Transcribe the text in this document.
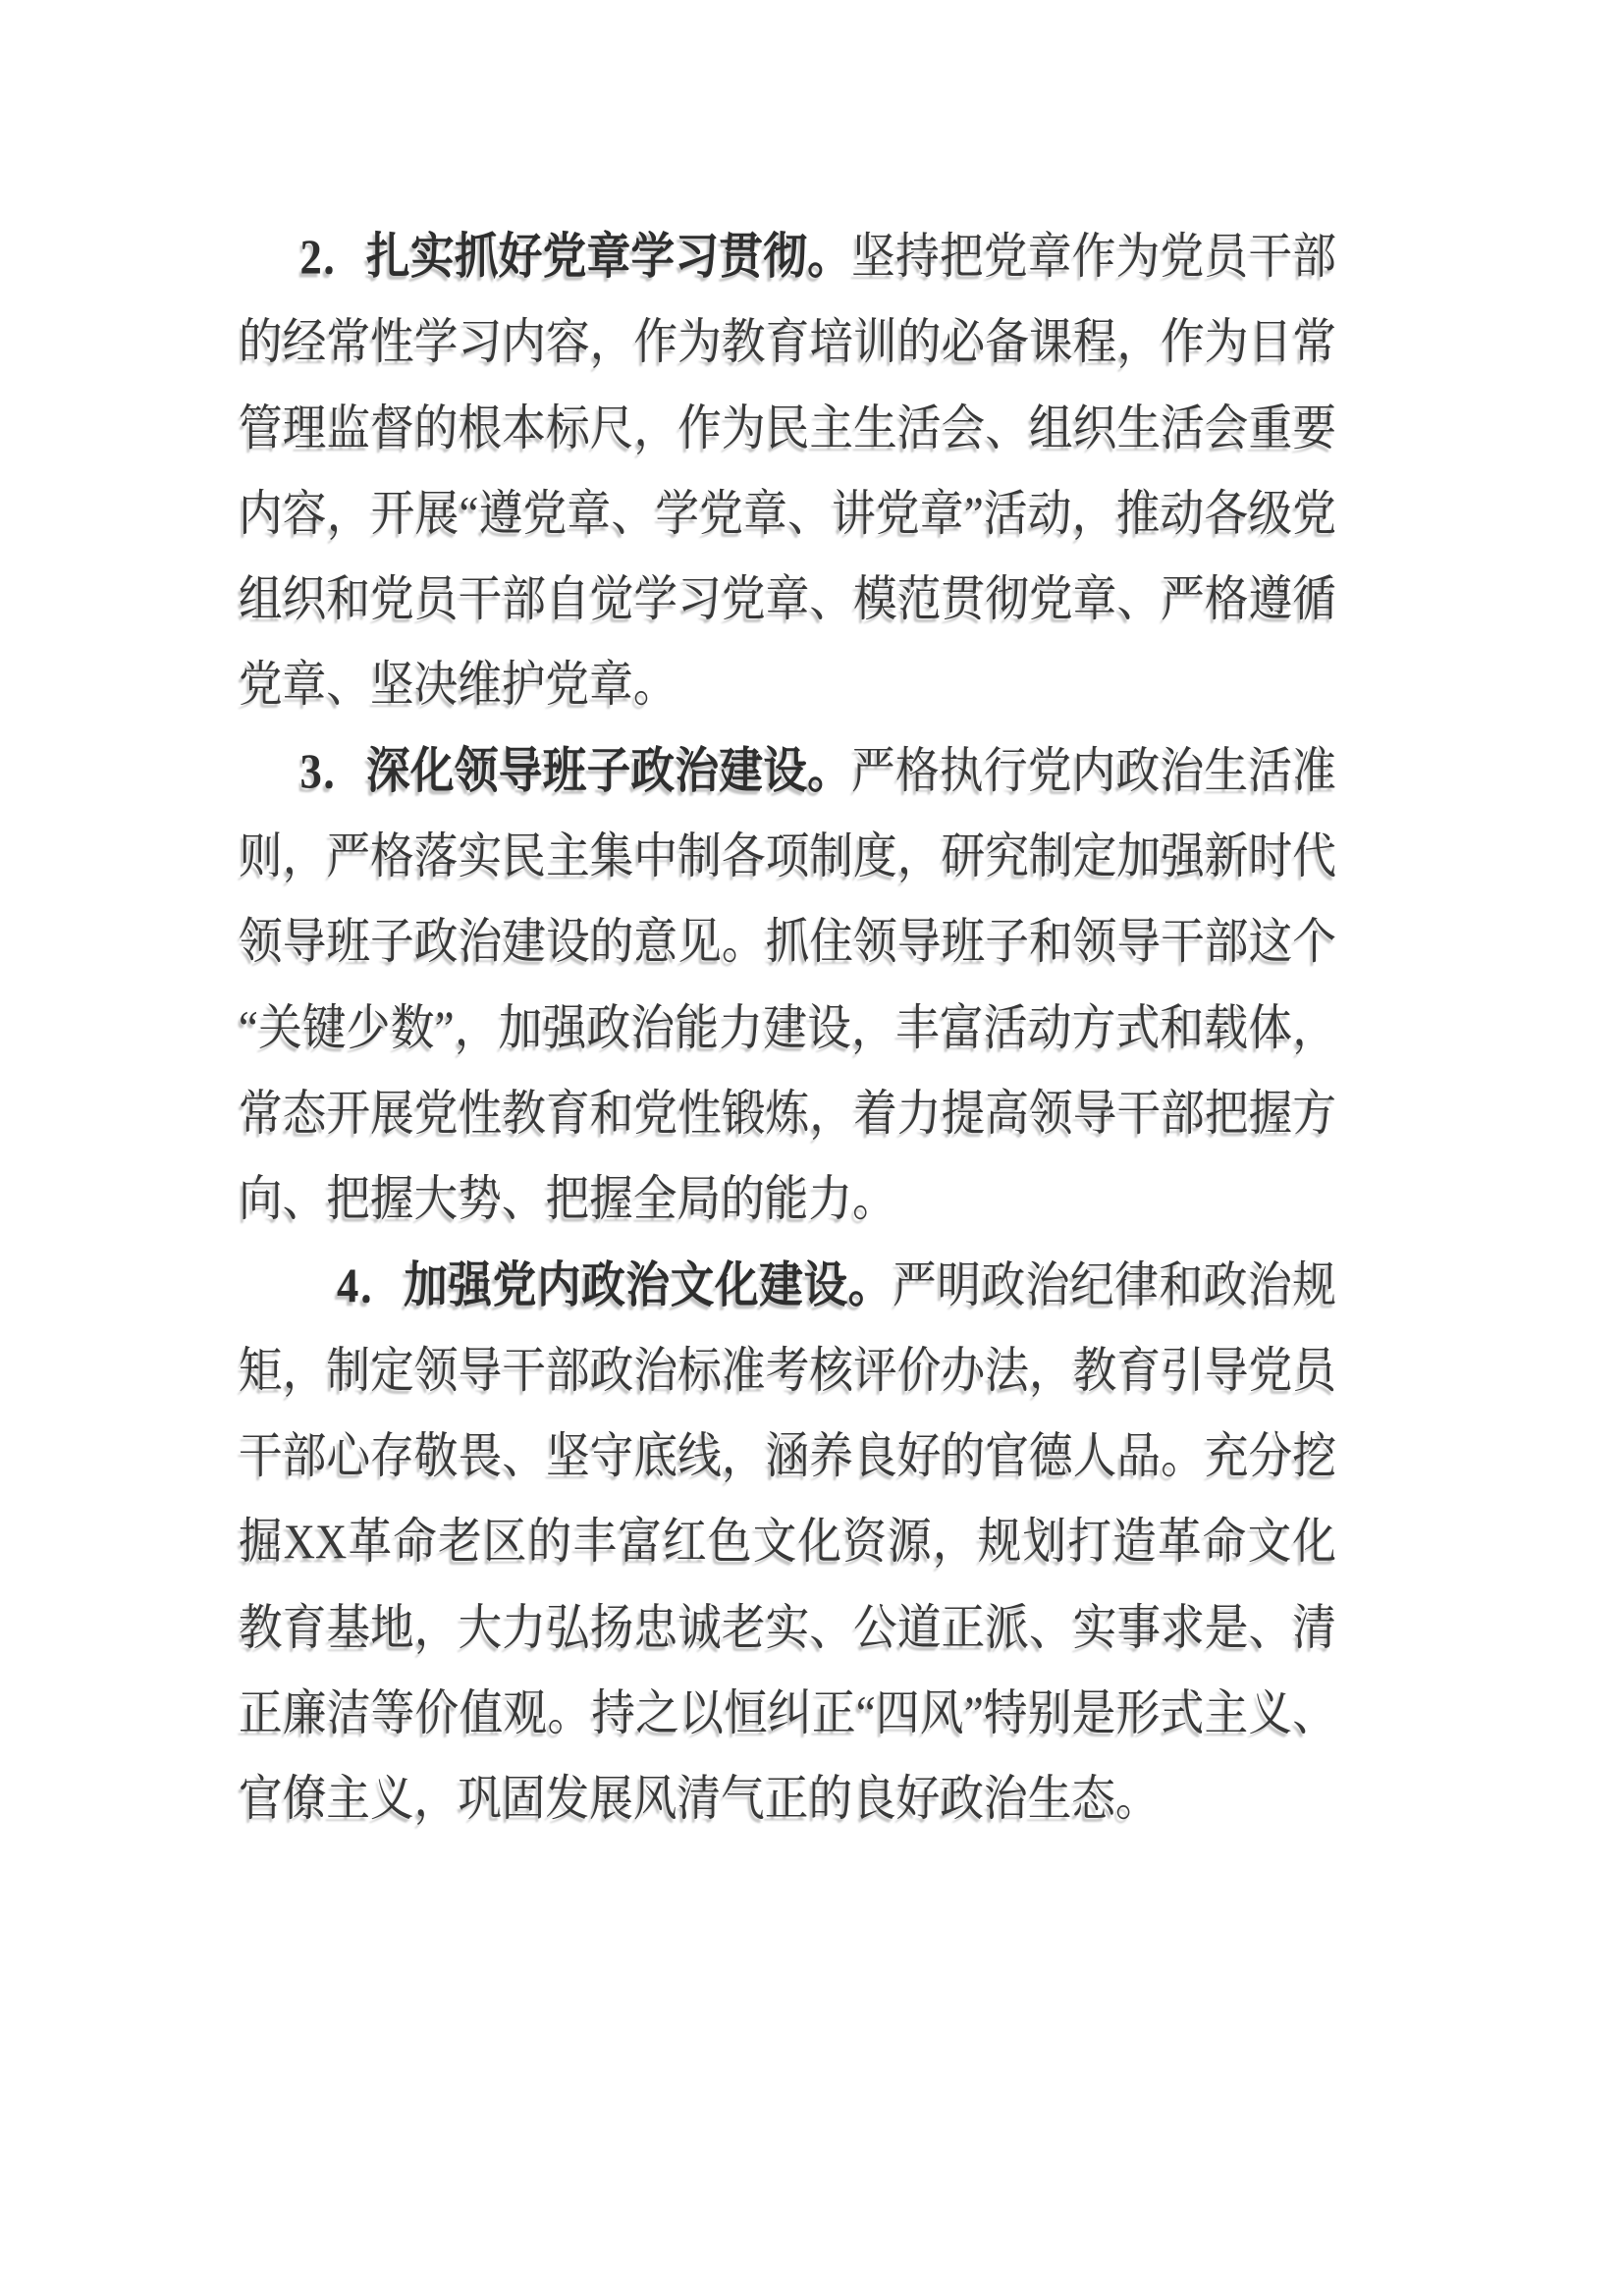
2．扎实抓好党章学习贯彻。坚持把党章作为党员干部的经常性学习内容，作为教育培训的必备课程，作为日常管理监督的根本标尺，作为民主生活会、组织生活会重要内容，开展“遵党章、学党章、讲党章”活动，推动各级党组织和党员干部自觉学习党章、模范贯彻党章、严格遵循党章、坚决维护党章。

3．深化领导班子政治建设。严格执行党内政治生活准则，严格落实民主集中制各项制度，研究制定加强新时代领导班子政治建设的意见。抓住领导班子和领导干部这个“关键少数”，加强政治能力建设，丰富活动方式和载体，常态开展党性教育和党性锻炼，着力提高领导干部把握方向、把握大势、把握全局的能力。

4．加强党内政治文化建设。严明政治纪律和政治规矩，制定领导干部政治标准考核评价办法，教育引导党员干部心存敬畏、坚守底线，涵养良好的官德人品。充分挖掘XX革命老区的丰富红色文化资源，规划打造革命文化教育基地，大力弘扬忠诚老实、公道正派、实事求是、清正廉洁等价值观。持之以恒纠正“四风”特别是形式主义、官僚主义，巩固发展风清气正的良好政治生态。
